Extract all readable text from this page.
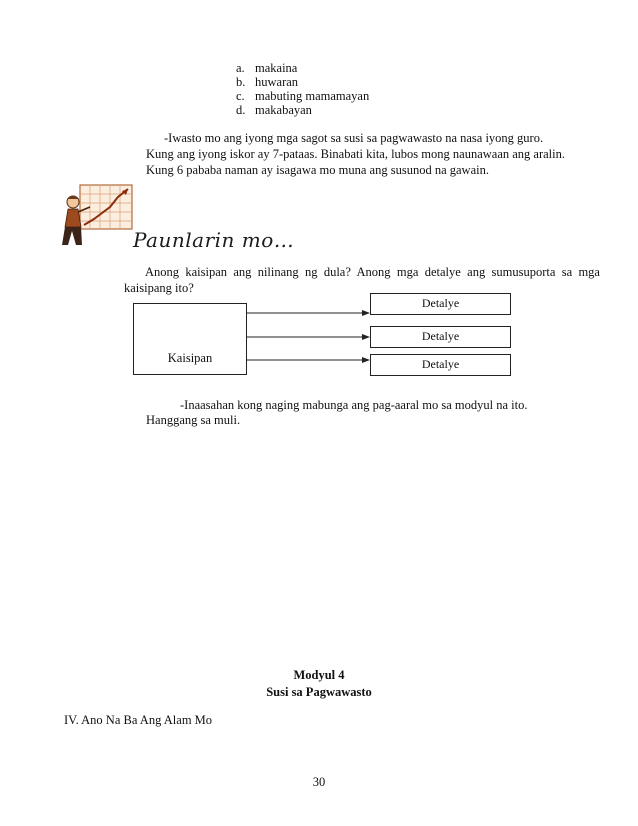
a. makaina
b. huwaran
c. mabuting mamamayan
d. makabayan
-Iwasto mo ang iyong mga sagot sa susi sa pagwawasto na nasa iyong guro.
Kung ang iyong iskor ay 7-pataas. Binabati kita, lubos mong naunawaan ang aralin.
Kung 6 pababa naman ay isagawa mo muna ang susunod na gawain.
Paunlarin mo…
Anong kaisipan ang nilinang ng dula? Anong mga detalye ang sumusuporta sa mga
kaisipang ito?
Kaisipan
Detalye
Detalye
Detalye
-Inaasahan kong naging mabunga ang pag-aaral mo sa modyul na ito.
Hanggang sa muli.
Modyul 4
Susi sa Pagwawasto
IV. Ano Na Ba Ang Alam Mo
30
